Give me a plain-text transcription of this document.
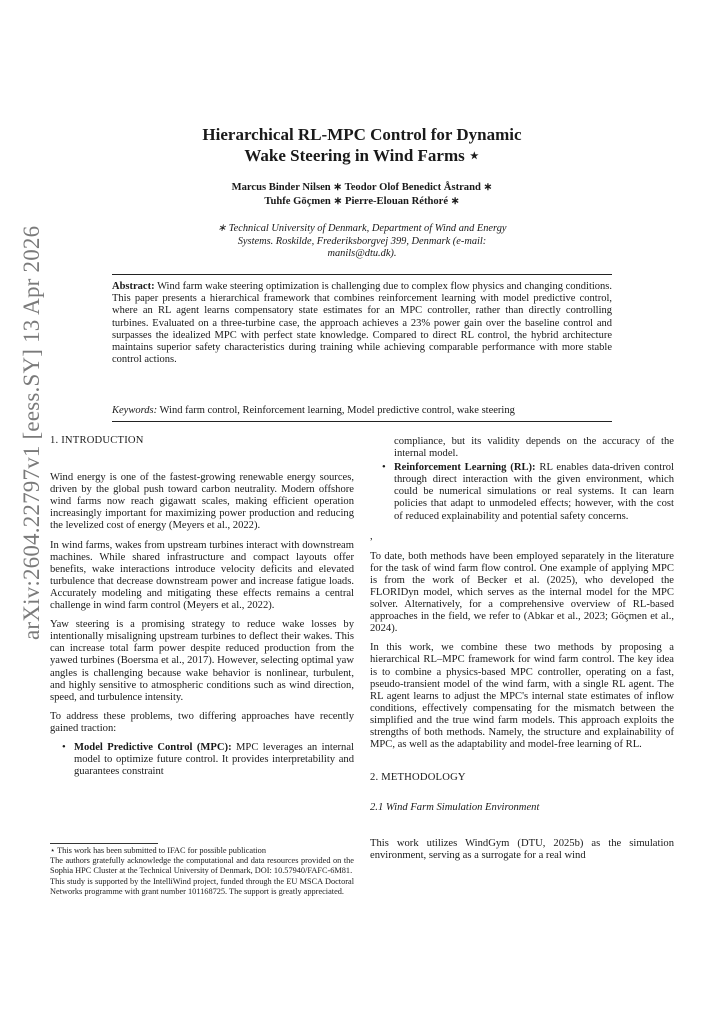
arXiv:2604.22797v1 [eess.SY] 13 Apr 2026
Hierarchical RL-MPC Control for Dynamic
Wake Steering in Wind Farms ⋆
Marcus Binder Nilsen ∗ Teodor Olof Benedict Åstrand ∗
Tuhfe Göçmen ∗ Pierre-Elouan Réthoré ∗
∗ Technical University of Denmark, Department of Wind and Energy
Systems. Roskilde, Frederiksborgvej 399, Denmark (e-mail:
manils@dtu.dk).

Abstract: Wind farm wake steering optimization is challenging due to complex flow physics and changing conditions. This paper presents a hierarchical framework that combines reinforcement learning with model predictive control, where an RL agent learns compensatory state estimates for an MPC controller, rather than directly controlling turbines. Evaluated on a three-turbine case, the approach achieves a 23% power gain over the baseline control and surpasses the idealized MPC with perfect state knowledge. Compared to direct RL control, the hybrid architecture maintains superior safety characteristics during training while achieving comparable performance with more stable control actions.

Keywords: Wind farm control, Reinforcement learning, Model predictive control, wake steering

1. INTRODUCTION

Wind energy is one of the fastest-growing renewable energy sources, driven by the global push toward carbon neutrality. Modern offshore wind farms now reach gigawatt scales, making efficient operation increasingly important for maximizing power production and reducing the levelized cost of energy (Meyers et al., 2022).

In wind farms, wakes from upstream turbines interact with downstream machines. While shared infrastructure and compact layouts offer benefits, wake interactions introduce velocity deficits and elevated turbulence that decrease downstream power and increase fatigue loads. Accurately modeling and mitigating these effects remains a central challenge in wind farm control (Meyers et al., 2022).

Yaw steering is a promising strategy to reduce wake losses by intentionally misaligning upstream turbines to deflect their wakes. This can increase total farm power despite reduced production from the yawed turbines (Boersma et al., 2017). However, selecting optimal yaw angles is challenging because wake behavior is nonlinear, turbulent, and highly sensitive to atmospheric conditions such as wind direction, speed, and turbulence intensity.

To address these problems, two differing approaches have recently gained traction:

• Model Predictive Control (MPC): MPC leverages an internal model to optimize future control. It provides interpretability and guarantees constraint

⋆ This work has been submitted to IFAC for possible publication

The authors gratefully acknowledge the computational and data resources provided on the Sophia HPC Cluster at the Technical University of Denmark, DOI: 10.57940/FAFC-6M81.

This study is supported by the IntelliWind project, funded through the EU MSCA Doctoral Networks programme with grant number 101168725. The support is greatly appreciated.

compliance, but its validity depends on the accuracy of the internal model.

• Reinforcement Learning (RL): RL enables data-driven control through direct interaction with the given environment, which could be numerical simulations or real systems. It can learn policies that adapt to unmodeled effects; however, with the cost of reduced explainability and potential safety concerns.

,

To date, both methods have been employed separately in the literature for the task of wind farm flow control. One example of applying MPC is from the work of Becker et al. (2025), who developed the FLORIDyn model, which serves as the internal model for the MPC solver. Alternatively, for a comprehensive overview of RL-based approaches in the field, we refer to (Abkar et al., 2023; Göçmen et al., 2024).

In this work, we combine these two methods by proposing a hierarchical RL–MPC framework for wind farm control. The key idea is to combine a physics-based MPC controller, operating on a fast, pseudo-transient model of the wind farm, with a single RL agent. The RL agent learns to adjust the MPC's internal state estimates of inflow conditions, effectively compensating for the mismatch between the simplified and the true wind farm models. This approach exploits the strengths of both methods. Namely, the structure and explainability of MPC, as well as the adaptability and model-free learning of RL.

2. METHODOLOGY

2.1 Wind Farm Simulation Environment

This work utilizes WindGym (DTU, 2025b) as the simulation environment, serving as a surrogate for a real wind
